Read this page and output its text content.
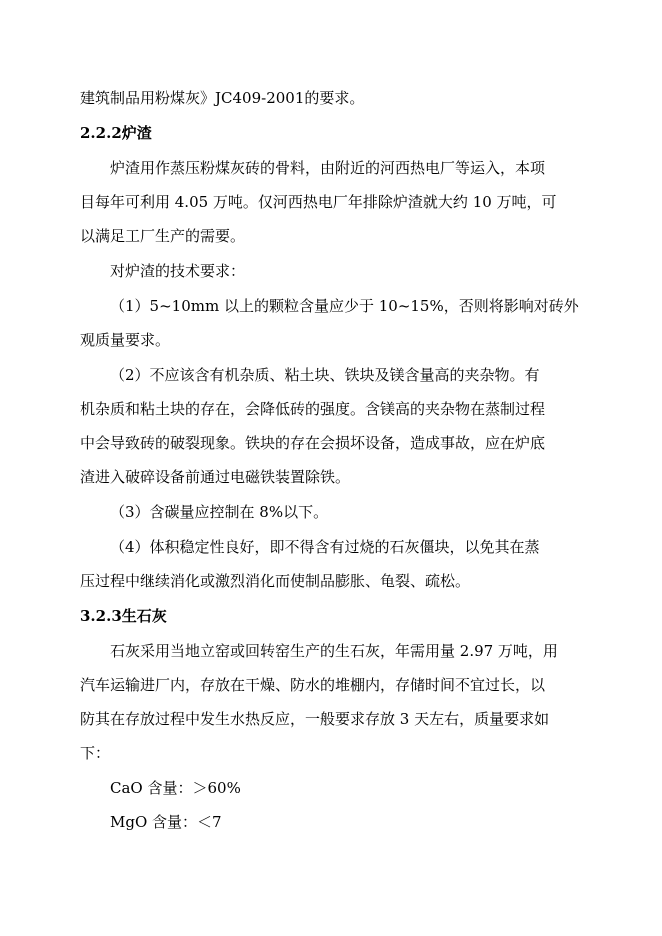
建筑制品用粉煤灰》JC409-2001的要求。
2.2.2炉渣
炉渣用作蒸压粉煤灰砖的骨料，由附近的河西热电厂等运入，本项
目每年可利用 4.05 万吨。仅河西热电厂年排除炉渣就大约 10 万吨，可
以满足工厂生产的需要。
对炉渣的技术要求：
（1）5~10mm 以上的颗粒含量应少于 10~15%，否则将影响对砖外
观质量要求。
（2）不应该含有机杂质、粘土块、铁块及镁含量高的夹杂物。有
机杂质和粘土块的存在，会降低砖的强度。含镁高的夹杂物在蒸制过程
中会导致砖的破裂现象。铁块的存在会损坏设备，造成事故，应在炉底
渣进入破碎设备前通过电磁铁装置除铁。
（3）含碳量应控制在 8%以下。
（4）体积稳定性良好，即不得含有过烧的石灰僵块，以免其在蒸
压过程中继续消化或激烈消化而使制品膨胀、龟裂、疏松。
3.2.3生石灰
石灰采用当地立窑或回转窑生产的生石灰，年需用量 2.97 万吨，用
汽车运输进厂内，存放在干燥、防水的堆棚内，存储时间不宜过长，以
防其在存放过程中发生水热反应，一般要求存放 3 天左右，质量要求如
下：
CaO 含量：＞60%
MgO 含量：＜7
